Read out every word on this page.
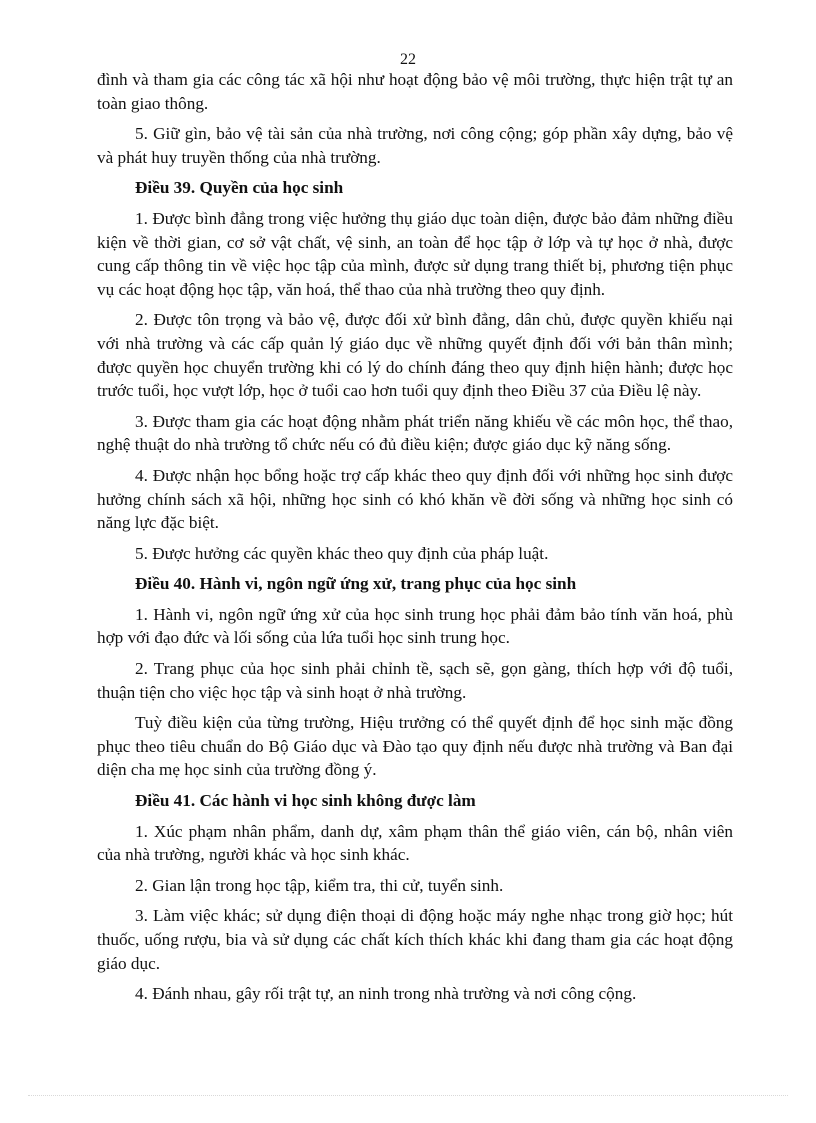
22

đình và tham gia các công tác xã hội như hoạt động bảo vệ môi trường, thực hiện trật tự an toàn giao thông.

5. Giữ gìn, bảo vệ tài sản của nhà trường, nơi công cộng; góp phần xây dựng, bảo vệ và phát huy truyền thống của nhà trường.

Điều 39. Quyền của học sinh

1. Được bình đẳng trong việc hưởng thụ giáo dục toàn diện, được bảo đảm những điều kiện về thời gian, cơ sở vật chất, vệ sinh, an toàn để học tập ở lớp và tự học ở nhà, được cung cấp thông tin về việc học tập của mình, được sử dụng trang thiết bị, phương tiện phục vụ các hoạt động học tập, văn hoá, thể thao của nhà trường theo quy định.

2. Được tôn trọng và bảo vệ, được đối xử bình đẳng, dân chủ, được quyền khiếu nại với nhà trường và các cấp quản lý giáo dục về những quyết định đối với bản thân mình; được quyền học chuyển trường khi có lý do chính đáng theo quy định hiện hành; được học trước tuổi, học vượt lớp, học ở tuổi cao hơn tuổi quy định theo Điều 37 của Điều lệ này.

3. Được tham gia các hoạt động nhằm phát triển năng khiếu về các môn học, thể thao, nghệ thuật do nhà trường tổ chức nếu có đủ điều kiện; được giáo dục kỹ năng sống.

4. Được nhận học bổng hoặc trợ cấp khác theo quy định đối với những học sinh được hưởng chính sách xã hội, những học sinh có khó khăn về đời sống và những học sinh có năng lực đặc biệt.

5. Được hưởng các quyền khác theo quy định của pháp luật.

Điều 40. Hành vi, ngôn ngữ ứng xử, trang phục của học sinh

1. Hành vi, ngôn ngữ ứng xử của học sinh trung học phải đảm bảo tính văn hoá, phù hợp với đạo đức và lối sống của lứa tuổi học sinh trung học.

2. Trang phục của học sinh phải chỉnh tề, sạch sẽ, gọn gàng, thích hợp với độ tuổi, thuận tiện cho việc học tập và sinh hoạt ở nhà trường.

Tuỳ điều kiện của từng trường, Hiệu trưởng có thể quyết định để học sinh mặc đồng phục theo tiêu chuẩn do Bộ Giáo dục và Đào tạo quy định nếu được nhà trường và Ban đại diện cha mẹ học sinh của trường đồng ý.

Điều 41. Các hành vi học sinh không được làm

1. Xúc phạm nhân phẩm, danh dự, xâm phạm thân thể giáo viên, cán bộ, nhân viên của nhà trường, người khác và học sinh khác.

2. Gian lận trong học tập, kiểm tra, thi cử, tuyển sinh.

3. Làm việc khác; sử dụng điện thoại di động hoặc máy nghe nhạc trong giờ học; hút thuốc, uống rượu, bia và sử dụng các chất kích thích khác khi đang tham gia các hoạt động giáo dục.

4. Đánh nhau, gây rối trật tự, an ninh trong nhà trường và nơi công cộng.
